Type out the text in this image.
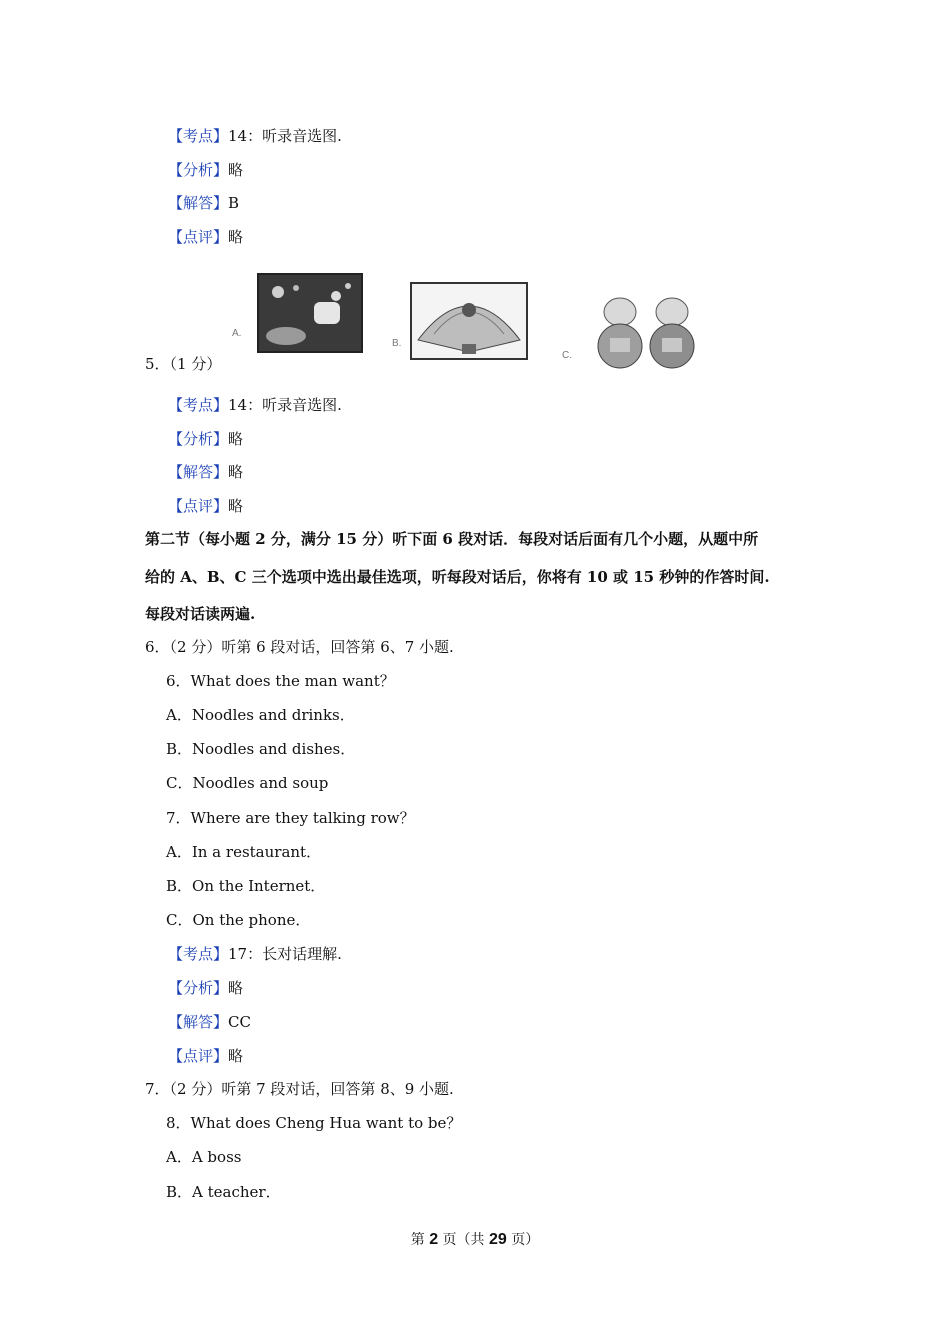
【考点】14：听录音选图.
【分析】略
【解答】B
【点评】略
A.
B.
C.
5．（1 分）
【考点】14：听录音选图.
【分析】略
【解答】略
【点评】略
第二节（每小题 2 分，满分 15 分）听下面 6 段对话．每段对话后面有几个小题，从题中所
给的 A、B、C 三个选项中选出最佳选项，听每段对话后，你将有 10 或 15 秒钟的作答时间.
每段对话读两遍.
6．（2 分）听第 6 段对话，回答第 6、7 小题.
6．What does the man want？
A．Noodles and drinks．
B．Noodles and dishes．
C．Noodles and soup
7．Where are they talking row？
A．In a restaurant．
B．On the Internet．
C．On the phone．
【考点】17：长对话理解.
【分析】略
【解答】CC
【点评】略
7．（2 分）听第 7 段对话，回答第 8、9 小题.
8．What does Cheng Hua want to be？
A．A boss
B．A teacher．
第 2 页（共 29 页）
